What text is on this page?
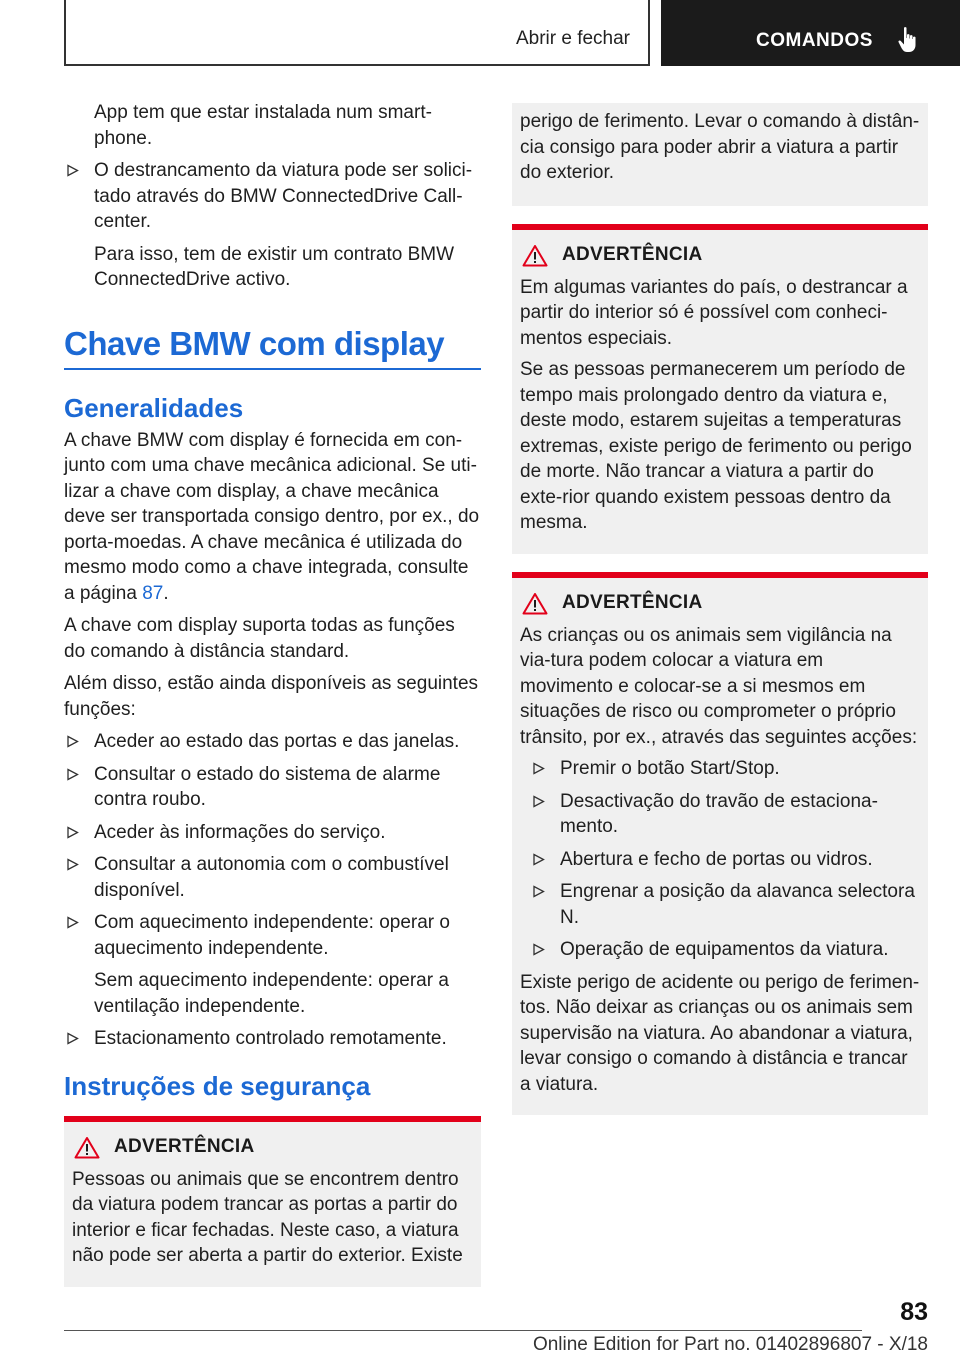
Abrir e fechar	COMANDOS

App tem que estar instalada num smart‐phone.

O destrancamento da viatura pode ser solici‐tado através do BMW ConnectedDrive Call‐center.
Para isso, tem de existir um contrato BMW ConnectedDrive activo.
Chave BMW com display
Generalidades

A chave BMW com display é fornecida em con‐junto com uma chave mecânica adicional. Se uti‐lizar a chave com display, a chave mecânica deve ser transportada consigo dentro, por ex., do porta-moedas. A chave mecânica é utilizada do mesmo modo como a chave integrada, consulte a página 87.

A chave com display suporta todas as funções do comando à distância standard.

Além disso, estão ainda disponíveis as seguintes funções:

Aceder ao estado das portas e das janelas.
Consultar o estado do sistema de alarme contra roubo.
Aceder às informações do serviço.
Consultar a autonomia com o combustível disponível.
Com aquecimento independente: operar o aquecimento independente.
Sem aquecimento independente: operar a ventilação independente.
Estacionamento controlado remotamente.
Instruções de segurança
ADVERTÊNCIA

Pessoas ou animais que se encontrem dentro da viatura podem trancar as portas a partir do interior e ficar fechadas. Neste caso, a viatura não pode ser aberta a partir do exterior. Existe

perigo de ferimento. Levar o comando à distân‐cia consigo para poder abrir a viatura a partir do exterior.

ADVERTÊNCIA

Em algumas variantes do país, o destrancar a partir do interior só é possível com conheci‐mentos especiais.

Se as pessoas permanecerem um período de tempo mais prolongado dentro da viatura e, deste modo, estarem sujeitas a temperaturas extremas, existe perigo de ferimento ou perigo de morte. Não trancar a viatura a partir do exte‐rior quando existem pessoas dentro da mesma.

ADVERTÊNCIA

As crianças ou os animais sem vigilância na via‐tura podem colocar a viatura em movimento e colocar-se a si mesmos em situações de risco ou comprometer o próprio trânsito, por ex., através das seguintes acções:

Premir o botão Start/Stop.
Desactivação do travão de estaciona‐mento.
Abertura e fecho de portas ou vidros.
Engrenar a posição da alavanca selectora N.
Operação de equipamentos da viatura.

Existe perigo de acidente ou perigo de ferimen‐tos. Não deixar as crianças ou os animais sem supervisão na viatura. Ao abandonar a viatura, levar consigo o comando à distância e trancar a viatura.

83
Online Edition for Part no. 01402896807 - X/18
